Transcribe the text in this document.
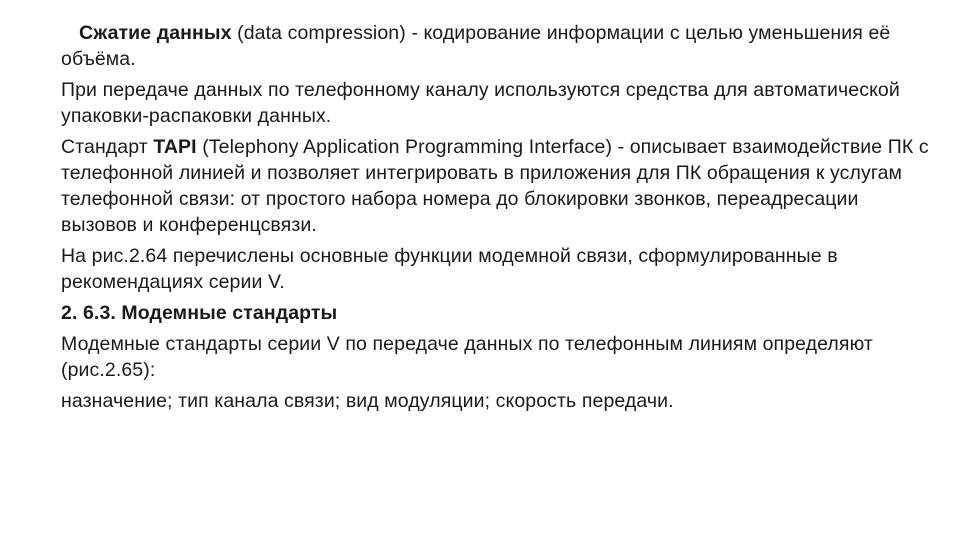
Сжатие данных (data compression) - кодирование информации с целью уменьшения её объёма.

При передаче данных по телефонному каналу используются средства для автоматической упаковки-распаковки данных.

Стандарт TAPI (Telephony Application Programming Interface) - описывает взаимодействие ПК с телефонной линией и позволяет интегрировать в приложения для ПК обращения к услугам телефонной связи: от простого набора номера до блокировки звонков, переадресации вызовов и конференцсвязи.

На рис.2.64 перечислены основные функции модемной связи, сформулированные в рекомендациях серии V.

2. 6.3. Модемные стандарты

Модемные стандарты серии V по передаче данных по телефонным линиям определяют (рис.2.65):

назначение; тип канала связи; вид модуляции; скорость передачи.
